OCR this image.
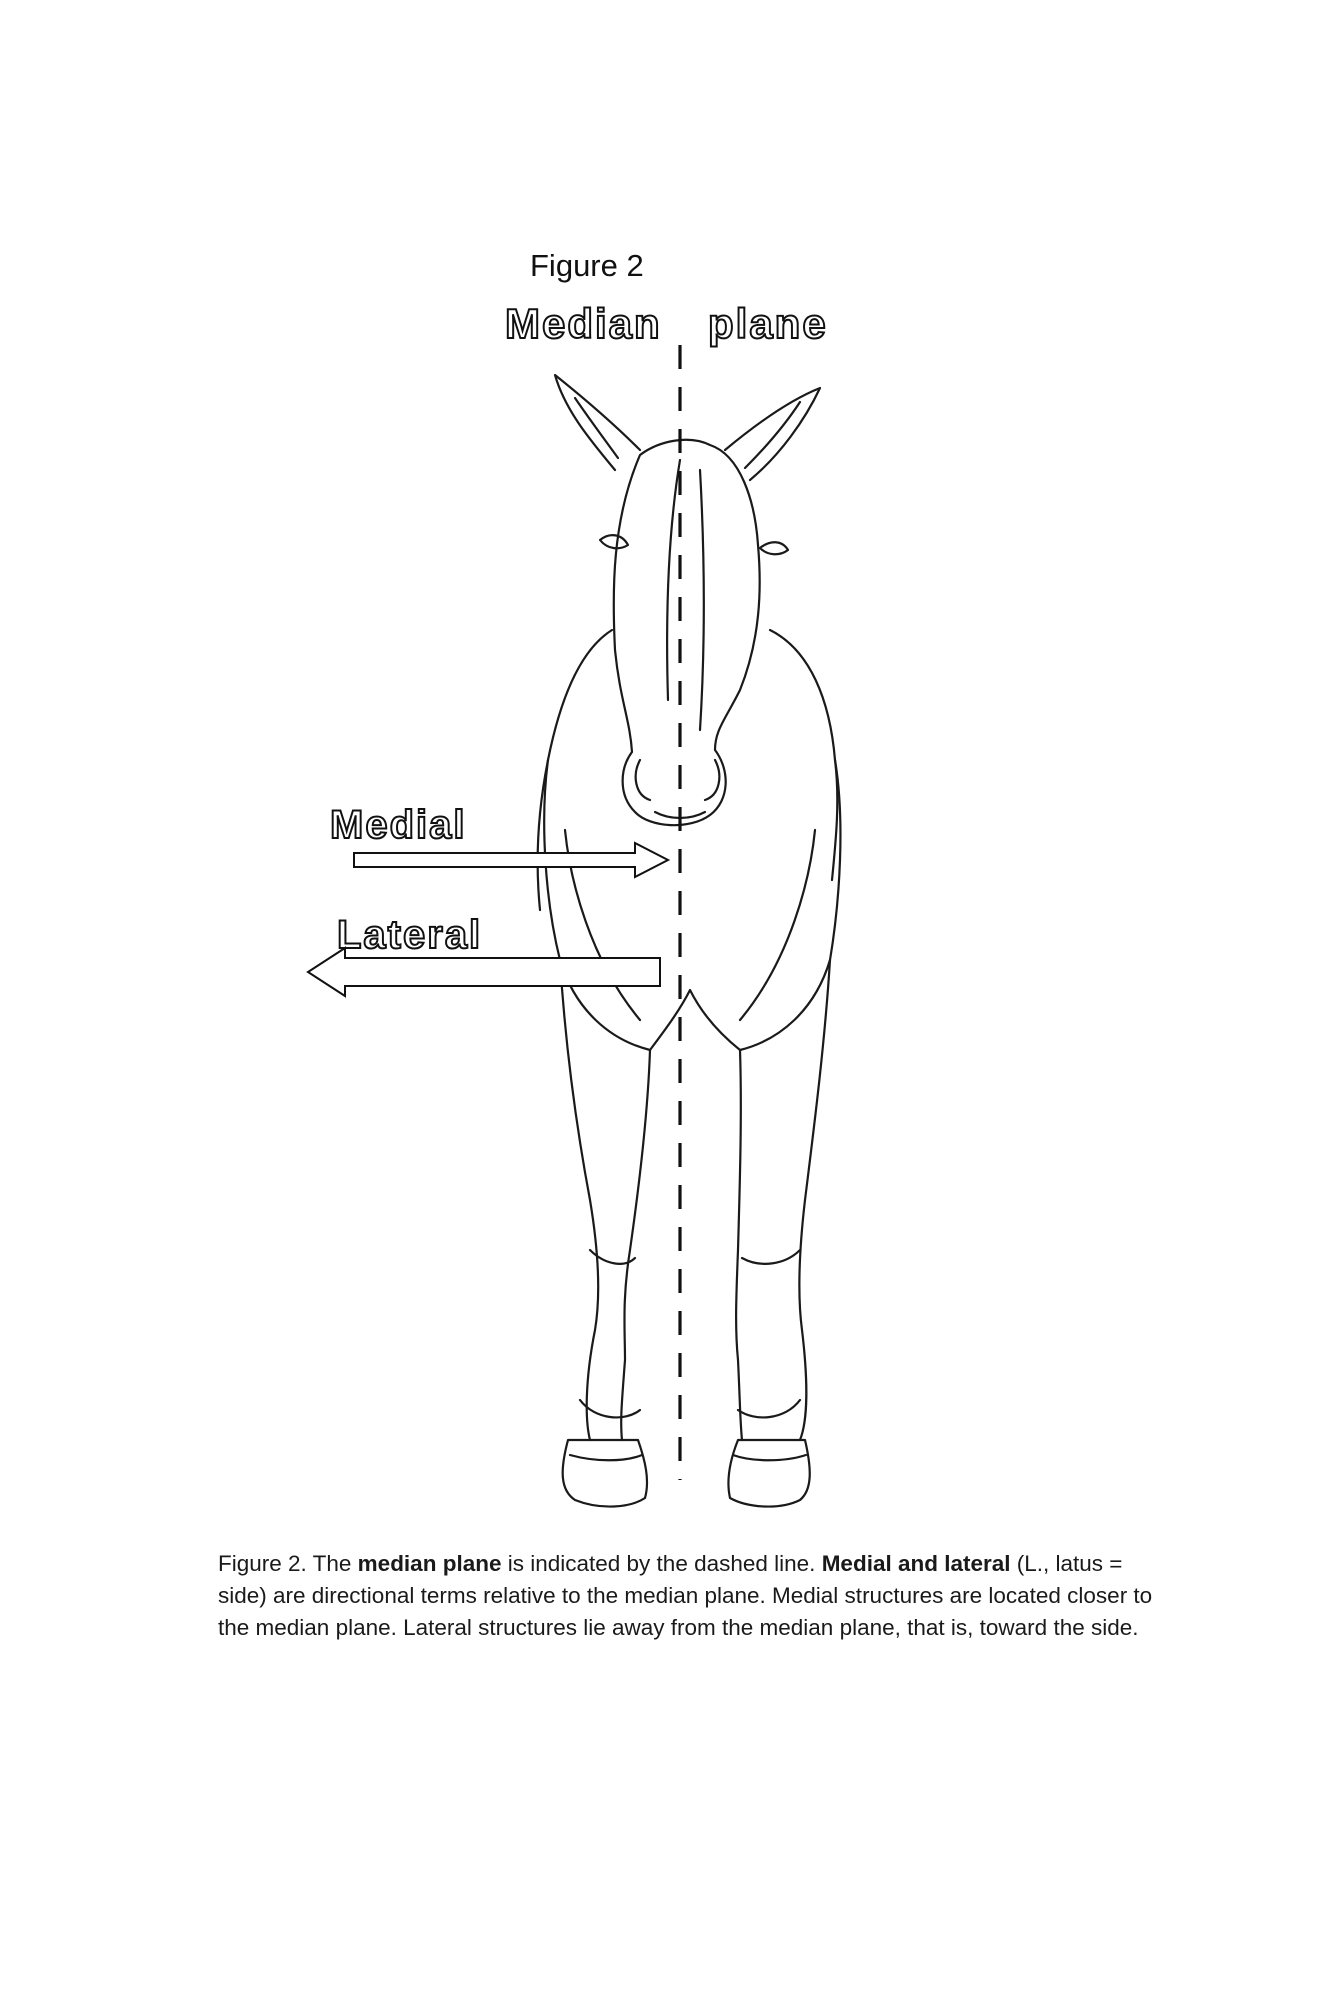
Figure 2
Median plane
Medial
Lateral
Figure 2. The median plane is indicated by the dashed line. Medial and lateral (L., latus = side) are directional terms relative to the median plane. Medial structures are located closer to the median plane. Lateral structures lie away from the median plane, that is, toward the side.
